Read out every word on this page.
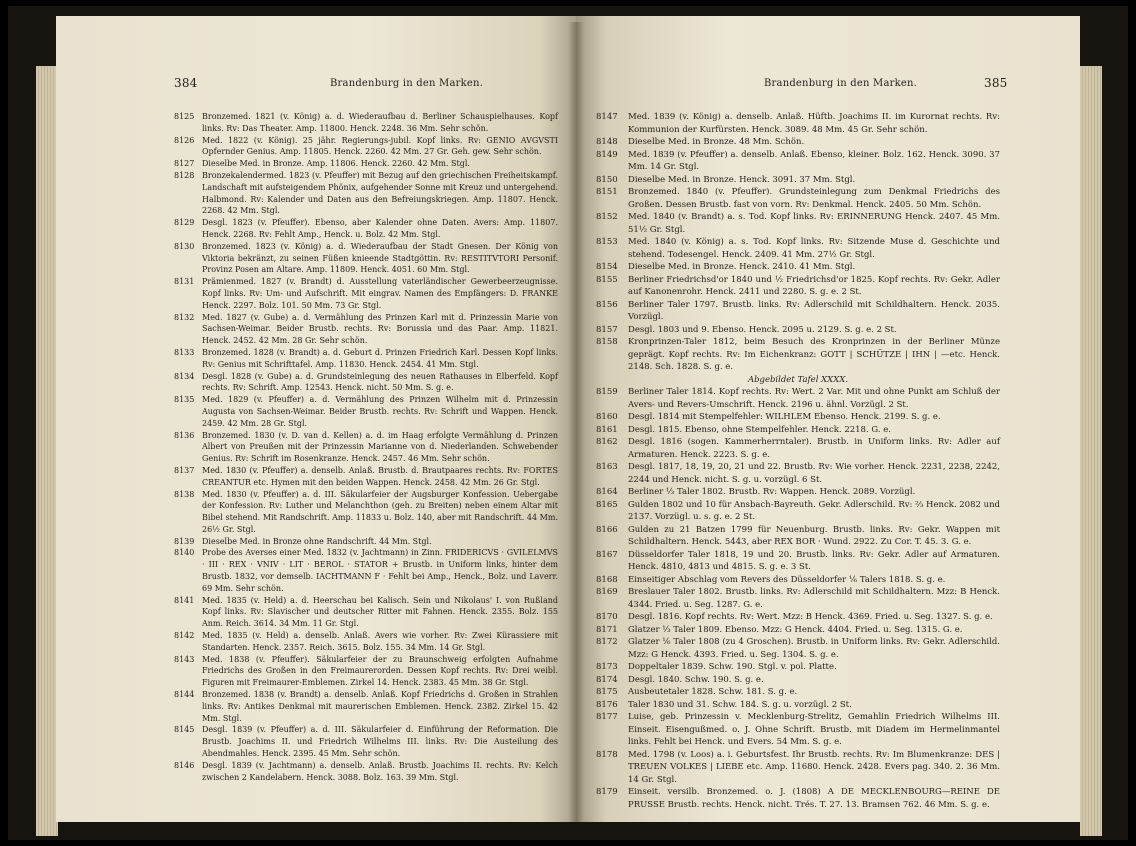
384	Brandenburg in den Marken.
8125 Bronzemed. 1821 (v. König) a. d. Wiederaufbau d. Berliner Schauspielhauses. Kopf links. Rv: Das Theater. Amp. 11800. Henck. 2248. 36 Mm. Sehr schön.
8126 Med. 1822 (v. König). 25 jähr. Regierungs-jubil. Kopf links. Rv: GENIO AVGVSTI Opfernder Genius. Amp. 11805. Henck. 2260. 42 Mm. 27 Gr. Geh. gew. Sehr schön.
8127 Dieselbe Med. in Bronze. Amp. 11806. Henck. 2260. 42 Mm. Stgl.
8128 Bronzekalendermed. 1823 (v. Pfeuffer) mit Bezug auf den griechischen Freiheitskampf. Landschaft mit aufsteigendem Phönix, aufgehender Sonne mit Kreuz und untergehend. Halbmond. Rv: Kalender und Daten aus den Befreiungskriegen. Amp. 11807. Henck. 2268. 42 Mm. Stgl.
8129 Desgl. 1823 (v. Pfeuffer). Ebenso, aber Kalender ohne Daten. Avers: Amp. 11807. Henck. 2268. Rv: Fehlt Amp., Henck. u. Bolz. 42 Mm. Stgl.
8130 Bronzemed. 1823 (v. König) a. d. Wiederaufbau der Stadt Gnesen. Der König von Viktoria bekränzt, zu seinen Füßen knieende Stadtgöttin. Rv: RESTITVTORI Personif. Provinz Posen am Altare. Amp. 11809. Henck. 4051. 60 Mm. Stgl.
8131 Prämienmed. 1827 (v. Brandt) d. Ausstellung vaterländischer Gewerbeerzeugnisse. Kopf links. Rv: Um- und Aufschrift. Mit eingrav. Namen des Empfängers: D. FRANKE Henck. 2297. Bolz. 101. 50 Mm. 73 Gr. Stgl.
8132 Med. 1827 (v. Gube) a. d. Vermählung des Prinzen Karl mit d. Prinzessin Marie von Sachsen-Weimar. Beider Brustb. rechts. Rv: Borussia und das Paar. Amp. 11821. Henck. 2452. 42 Mm. 28 Gr. Sehr schön.
8133 Bronzemed. 1828 (v. Brandt) a. d. Geburt d. Prinzen Friedrich Karl. Dessen Kopf links. Rv: Genius mit Schrifttafel. Amp. 11830. Henck. 2454. 41 Mm. Stgl.
8134 Desgl. 1828 (v. Gube) a. d. Grundsteinlegung des neuen Rathauses in Elberfeld. Kopf rechts. Rv: Schrift. Amp. 12543. Henck. nicht. 50 Mm. S. g. e.
8135 Med. 1829 (v. Pfeuffer) a. d. Vermählung des Prinzen Wilhelm mit d. Prinzessin Augusta von Sachsen-Weimar. Beider Brustb. rechts. Rv: Schrift und Wappen. Henck. 2459. 42 Mm. 28 Gr. Stgl.
8136 Bronzemed. 1830 (v. D. van d. Kellen) a. d. im Haag erfolgte Vermählung d. Prinzen Albert von Preußen mit der Prinzessin Marianne von d. Niederlanden. Schwebender Genius. Rv: Schrift im Rosenkranze. Henck. 2457. 46 Mm. Sehr schön.
8137 Med. 1830 (v. Pfeuffer) a. denselb. Anlaß. Brustb. d. Brautpaares rechts. Rv: FORTES CREANTUR etc. Hymen mit den beiden Wappen. Henck. 2458. 42 Mm. 26 Gr. Stgl.
8138 Med. 1830 (v. Pfeuffer) a. d. III. Säkularfeier der Augsburger Konfession. Uebergabe der Konfession. Rv: Luther und Melanchthon (geh. zu Breiten) neben einem Altar mit Bibel stehend. Mit Randschrift. Amp. 11833 u. Bolz. 140, aber mit Randschrift. 44 Mm. 26½ Gr. Stgl.
8139 Dieselbe Med. in Bronze ohne Randschrift. 44 Mm. Stgl.
8140 Probe des Averses einer Med. 1832 (v. Jachtmann) in Zinn. FRIDERICVS · GVILELMVS · III · REX · VNIV · LIT · BEROL · STATOR + Brustb. in Uniform links, hinter dem Brustb. 1832, vor demselb. IACHTMANN F · Fehlt bei Amp., Henck., Bolz. und Laverr. 69 Mm. Sehr schön.
8141 Med. 1835 (v. Held) a. d. Heerschau bei Kalisch. Sein und Nikolaus' I. von Rußland Kopf links. Rv: Slavischer und deutscher Ritter mit Fahnen. Henck. 2355. Bolz. 155 Anm. Reich. 3614. 34 Mm. 11 Gr. Stgl.
8142 Med. 1835 (v. Held) a. denselb. Anlaß. Avers wie vorher. Rv: Zwei Kürassiere mit Standarten. Henck. 2357. Reich. 3615. Bolz. 155. 34 Mm. 14 Gr. Stgl.
8143 Med. 1838 (v. Pfeuffer). Säkularfeier der zu Braunschweig erfolgten Aufnahme Friedrichs des Großen in den Freimaurerorden. Dessen Kopf rechts. Rv: Drei weibl. Figuren mit Freimaurer-Emblemen. Zirkel 14. Henck. 2383. 45 Mm. 38 Gr. Stgl.
8144 Bronzemed. 1838 (v. Brandt) a. denselb. Anlaß. Kopf Friedrichs d. Großen in Strahlen links. Rv: Antikes Denkmal mit maurerischen Emblemen. Henck. 2382. Zirkel 15. 42 Mm. Stgl.
8145 Desgl. 1839 (v. Pfeuffer) a. d. III. Säkularfeier d. Einführung der Reformation. Die Brustb. Joachims II. und Friedrich Wilhelms III. links. Rv: Die Austeilung des Abendmahles. Henck. 2395. 45 Mm. Sehr schön.
8146 Desgl. 1839 (v. Jachtmann) a. denselb. Anlaß. Brustb. Joachims II. rechts. Rv: Kelch zwischen 2 Kandelabern. Henck. 3088. Bolz. 163. 39 Mm. Stgl.
Brandenburg in den Marken.	385
8147 Med. 1839 (v. König) a. denselb. Anlaß. Hüftb. Joachims II. im Kurornat rechts. Rv: Kommunion der Kurfürsten. Henck. 3089. 48 Mm. 45 Gr. Sehr schön.
8148 Dieselbe Med. in Bronze. 48 Mm. Schön.
8149 Med. 1839 (v. Pfeuffer) a. denselb. Anlaß. Ebenso, kleiner. Bolz. 162. Henck. 3090. 37 Mm. 14 Gr. Stgl.
8150 Dieselbe Med. in Bronze. Henck. 3091. 37 Mm. Stgl.
8151 Bronzemed. 1840 (v. Pfeuffer). Grundsteinlegung zum Denkmal Friedrichs des Großen. Dessen Brustb. fast von vorn. Rv: Denkmal. Henck. 2405. 50 Mm. Schön.
8152 Med. 1840 (v. Brandt) a. s. Tod. Kopf links. Rv: ERINNERUNG Henck. 2407. 45 Mm. 51½ Gr. Stgl.
8153 Med. 1840 (v. König) a. s. Tod. Kopf links. Rv: Sitzende Muse d. Geschichte und stehend. Todesengel. Henck. 2409. 41 Mm. 27½ Gr. Stgl.
8154 Dieselbe Med. in Bronze. Henck. 2410. 41 Mm. Stgl.
8155 Berliner Friedrichsd'or 1840 und ½ Friedrichsd'or 1825. Kopf rechts. Rv: Gekr. Adler auf Kanonenrohr. Henck. 2411 und 2280. S. g. e. 2 St.
8156 Berliner Taler 1797. Brustb. links. Rv: Adlerschild mit Schildhaltern. Henck. 2035. Vorzügl.
8157 Desgl. 1803 und 9. Ebenso. Henck. 2095 u. 2129. S. g. e. 2 St.
8158 Kronprinzen-Taler 1812, beim Besuch des Kronprinzen in der Berliner Münze geprägt. Kopf rechts. Rv: Im Eichenkranz: GOTT | SCHÜTZE | IHN | —etc. Henck. 2148. Sch. 1828. S. g. e.
Abgebildet Tafel XXXX.
8159 Berliner Taler 1814. Kopf rechts. Rv: Wert. 2 Var. Mit und ohne Punkt am Schluß der Avers- und Revers-Umschrift. Henck. 2196 u. ähnl. Vorzügl. 2 St.
8160 Desgl. 1814 mit Stempelfehler: WILHLEM Ebenso. Henck. 2199. S. g. e.
8161 Desgl. 1815. Ebenso, ohne Stempelfehler. Henck. 2218. G. e.
8162 Desgl. 1816 (sogen. Kammerherrntaler). Brustb. in Uniform links. Rv: Adler auf Armaturen. Henck. 2223. S. g. e.
8163 Desgl. 1817, 18, 19, 20, 21 und 22. Brustb. Rv: Wie vorher. Henck. 2231, 2238, 2242, 2244 und Henck. nicht. S. g. u. vorzügl. 6 St.
8164 Berliner ⅓ Taler 1802. Brustb. Rv: Wappen. Henck. 2089. Vorzügl.
8165 Gulden 1802 und 10 für Ansbach-Bayreuth. Gekr. Adlerschild. Rv: ⅔ Henck. 2082 und 2137. Vorzügl. u. s. g. e. 2 St.
8166 Gulden zu 21 Batzen 1799 für Neuenburg. Brustb. links. Rv: Gekr. Wappen mit Schildhaltern. Henck. 5443, aber REX BOR · Wund. 2922. Zu Cor. T. 45. 3. G. e.
8167 Düsseldorfer Taler 1818, 19 und 20. Brustb. links. Rv: Gekr. Adler auf Armaturen. Henck. 4810, 4813 und 4815. S. g. e. 3 St.
8168 Einseitiger Abschlag vom Revers des Düsseldorfer ⅙ Talers 1818. S. g. e.
8169 Breslauer Taler 1802. Brustb. links. Rv: Adlerschild mit Schildhaltern. Mzz: B Henck. 4344. Fried. u. Seg. 1287. G. e.
8170 Desgl. 1816. Kopf rechts. Rv: Wert. Mzz: B Henck. 4369. Fried. u. Seg. 1327. S. g. e.
8171 Glatzer ⅓ Taler 1809. Ebenso. Mzz: G Henck. 4404. Fried. u. Seg. 1315. G. e.
8172 Glatzer ⅙ Taler 1808 (zu 4 Groschen). Brustb. in Uniform links. Rv: Gekr. Adlerschild. Mzz: G Henck. 4393. Fried. u. Seg. 1304. S. g. e.
8173 Doppeltaler 1839. Schw. 190. Stgl. v. pol. Platte.
8174 Desgl. 1840. Schw. 190. S. g. e.
8175 Ausbeutetaler 1828. Schw. 181. S. g. e.
8176 Taler 1830 und 31. Schw. 184. S. g. u. vorzügl. 2 St.
8177 Luise, geb. Prinzessin v. Mecklenburg-Strelitz, Gemahlin Friedrich Wilhelms III. Einseit. Eisengußmed. o. J. Ohne Schrift. Brustb. mit Diadem im Hermelinmantel links. Fehlt bei Henck. und Evers. 54 Mm. S. g. e.
8178 Med. 1798 (v. Loos) a. i. Geburtsfest. Ihr Brustb. rechts. Rv: Im Blumenkranze: DES | TREUEN VOLKES | LIEBE etc. Amp. 11680. Henck. 2428. Evers pag. 340. 2. 36 Mm. 14 Gr. Stgl.
8179 Einseit. versilb. Bronzemed. o. J. (1808) A DE MECKLENBOURG—REINE DE PRUSSE Brustb. rechts. Henck. nicht. Trés. T. 27. 13. Bramsen 762. 46 Mm. S. g. e.
